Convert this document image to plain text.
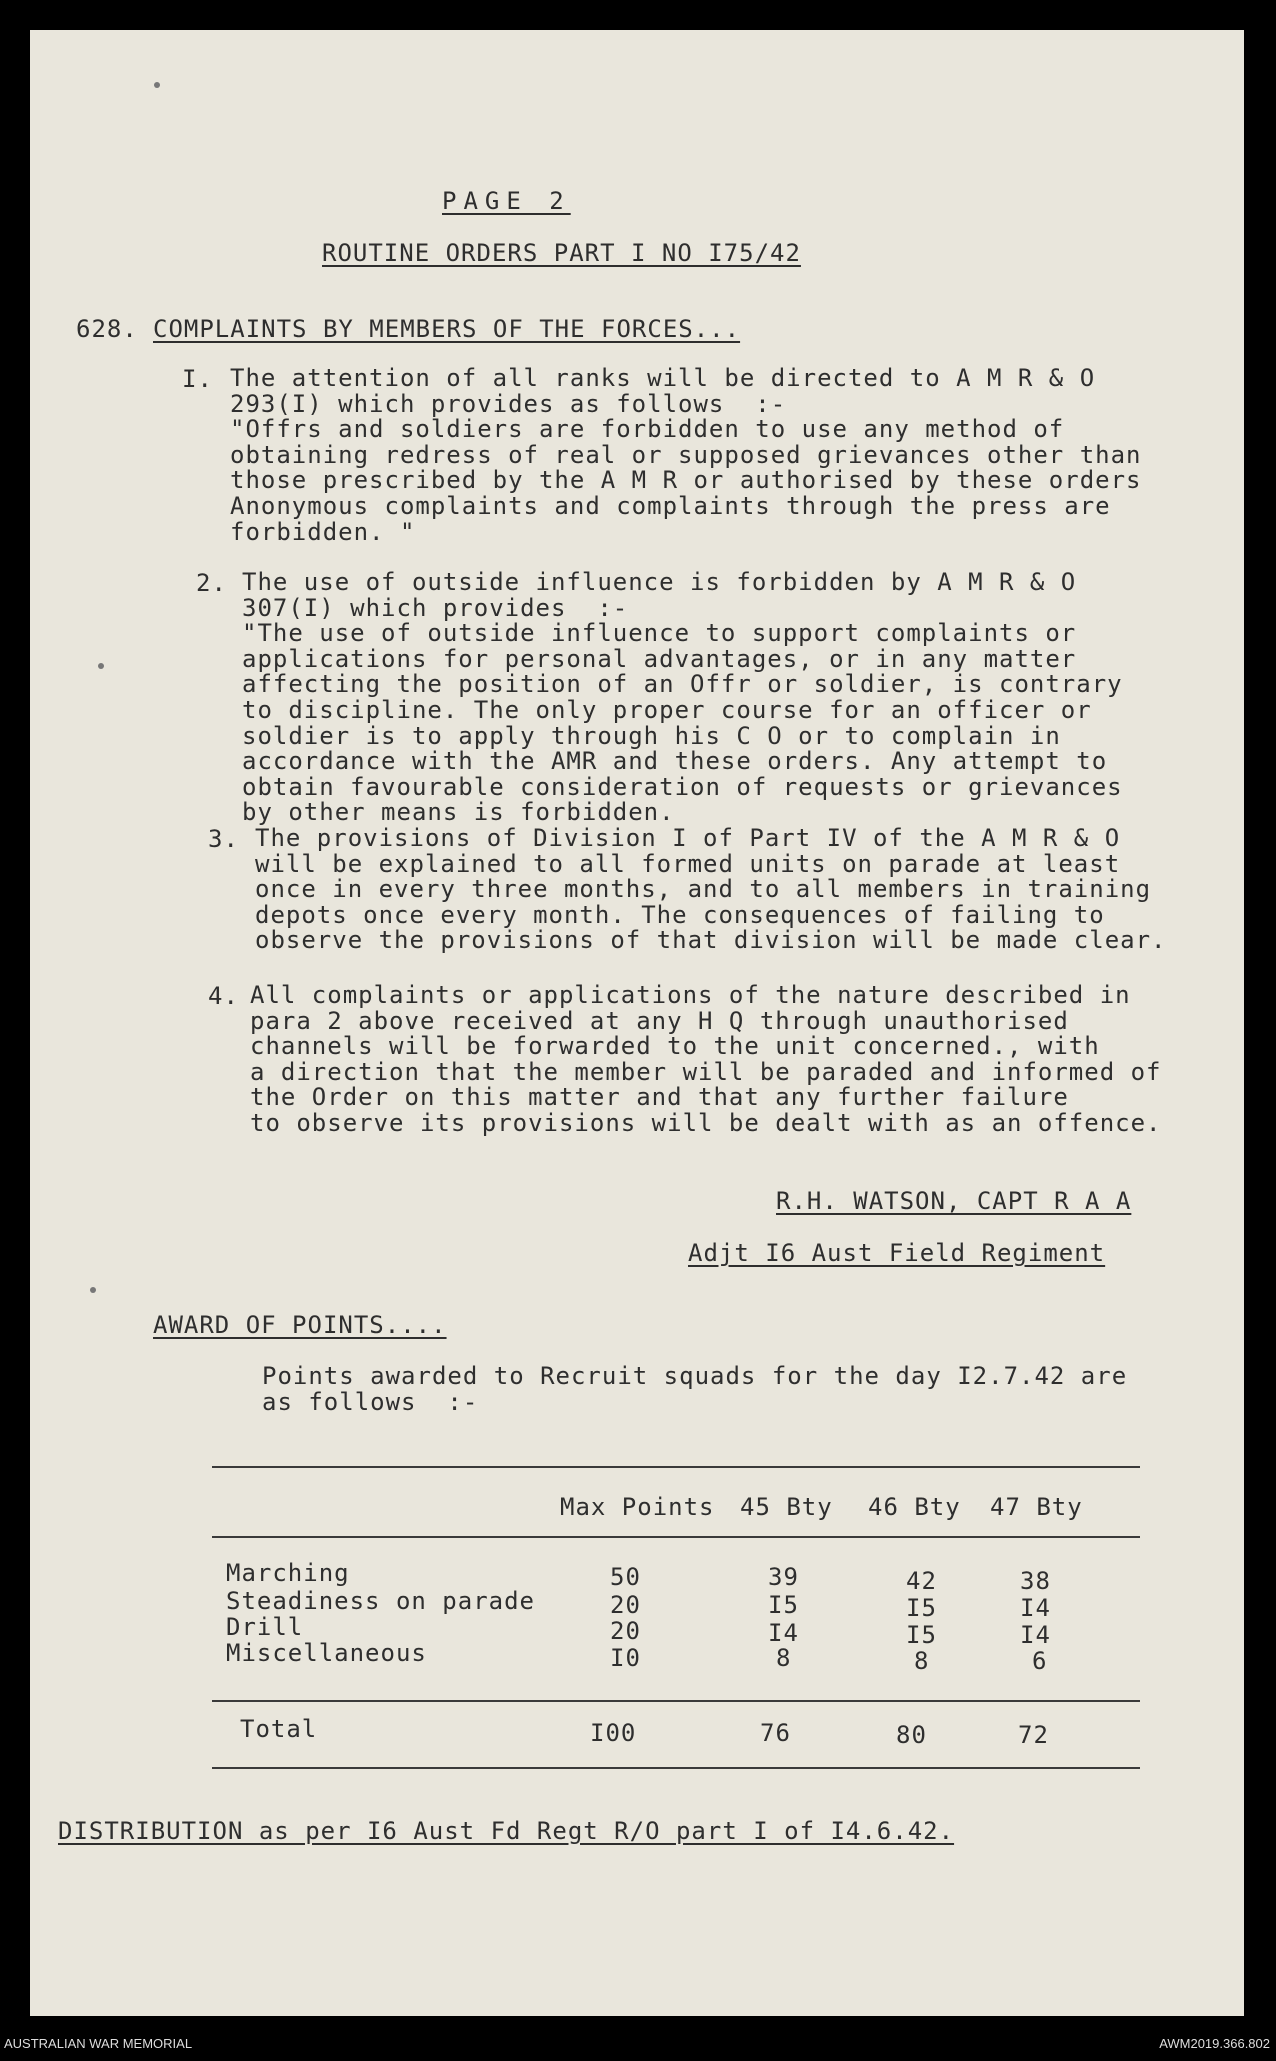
PAGE 2
ROUTINE ORDERS PART I NO I75/42
628. COMPLAINTS BY MEMBERS OF THE FORCES...
I. The attention of all ranks will be directed to A M R & O
293(I) which provides as follows  :-
"Offrs and soldiers are forbidden to use any method of
obtaining redress of real or supposed grievances other than
those prescribed by the A M R or authorised by these orders
Anonymous complaints and complaints through the press are
forbidden. "
2. The use of outside influence is forbidden by A M R & O
307(I) which provides  :-
"The use of outside influence to support complaints or
applications for personal advantages, or in any matter
affecting the position of an Offr or soldier, is contrary
to discipline. The only proper course for an officer or
soldier is to apply through his C O or to complain in
accordance with the AMR and these orders. Any attempt to
obtain favourable consideration of requests or grievances
by other means is forbidden.
3. The provisions of Division I of Part IV of the A M R & O
will be explained to all formed units on parade at least
once in every three months, and to all members in training
depots once every month. The consequences of failing to
observe the provisions of that division will be made clear.
4. All complaints or applications of the nature described in
para 2 above received at any H Q through unauthorised
channels will be forwarded to the unit concerned., with
a direction that the member will be paraded and informed of
the Order on this matter and that any further failure
to observe its provisions will be dealt with as an offence.
R.H. WATSON, CAPT R A A
Adjt I6 Aust Field Regiment
AWARD OF POINTS....
Points awarded to Recruit squads for the day I2.7.42 are
as follows  :-
Max Points 45 Bty 46 Bty 47 Bty
Marching	50	39	42	38
Steadiness on parade	20	I5	I5	I4
Drill	20	I4	I5	I4
Miscellaneous	I0	8	8	6
Total	I00	76	80	72
DISTRIBUTION as per I6 Aust Fd Regt R/O part I of I4.6.42.
AUSTRALIAN WAR MEMORIAL	AWM2019.366.802
